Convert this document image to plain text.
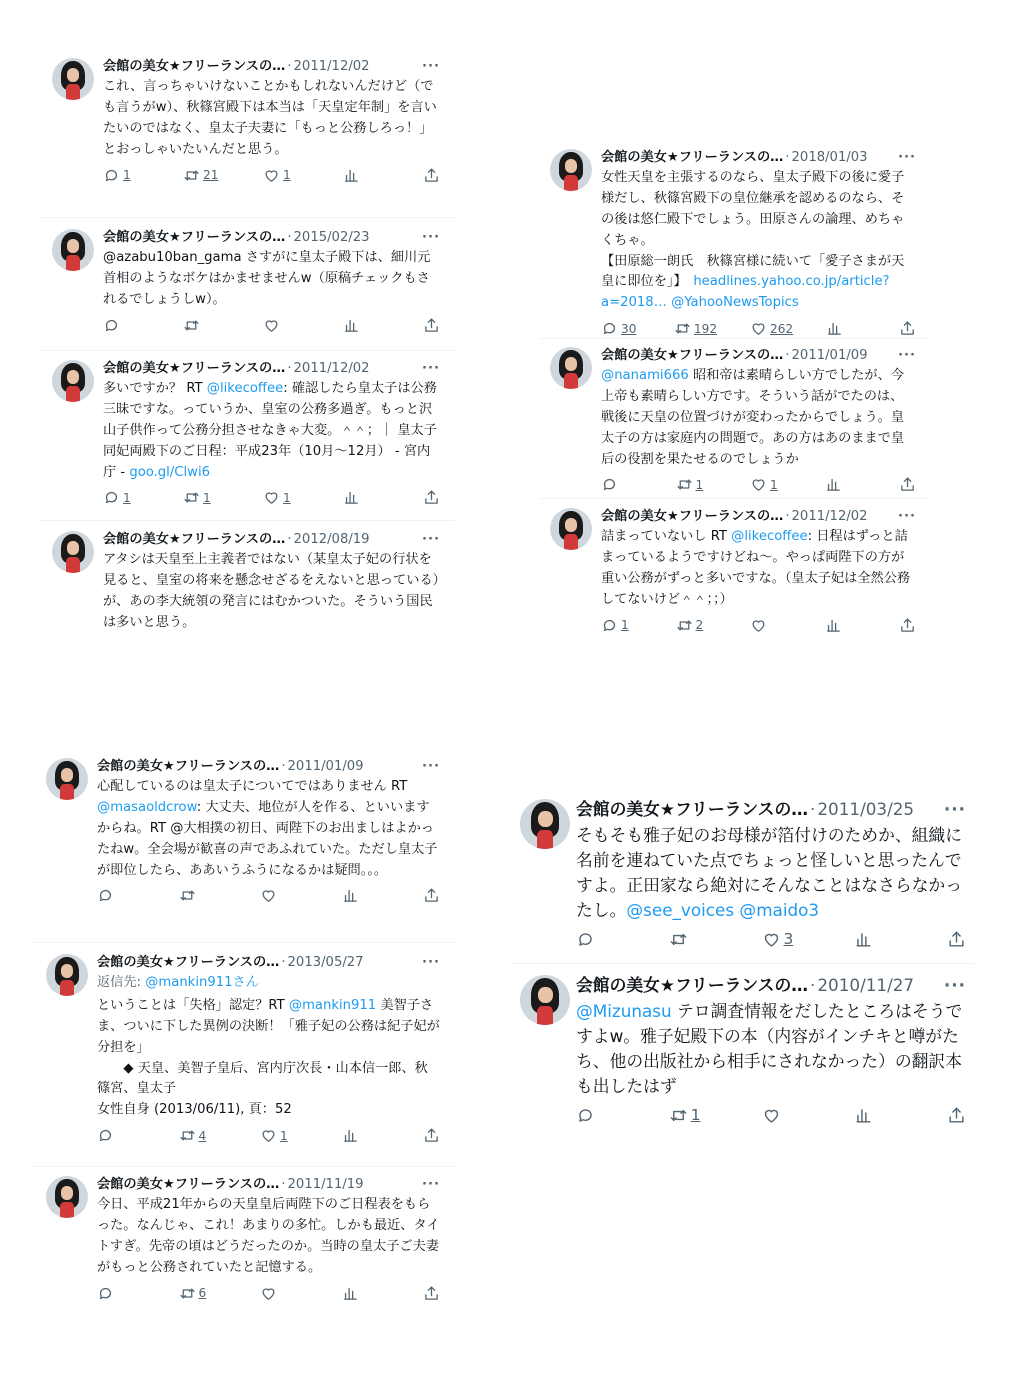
会館の美女★フリーランスの… · 2011/12/02	···
これ、言っちゃいけないことかもしれないんだけど（でも言うがw）、秋篠宮殿下は本当は「天皇定年制」を言いたいのではなく、皇太子夫妻に「もっと公務しろっ！」とおっしゃいたいんだと思う。
1	21	1
会館の美女★フリーランスの… · 2015/02/23	···
@azabu10ban_gama さすがに皇太子殿下は、細川元首相のようなボケはかませませんw（原稿チェックもされるでしょうしw）。
会館の美女★フリーランスの… · 2011/12/02	···
多いですか？ RT @likecoffee: 確認したら皇太子は公務三昧ですな。っていうか、皇室の公務多過ぎ。もっと沢山子供作って公務分担させなきゃ大変。＾＾；｜ 皇太子同妃両殿下のご日程：平成23年（10月〜12月） - 宮内庁 - goo.gl/Clwi6
1	1	1
会館の美女★フリーランスの… · 2012/08/19	···
アタシは天皇至上主義者ではない（某皇太子妃の行状を見ると、皇室の将来を懸念せざるをえないと思っている）が、あの李大統領の発言にはむかついた。そういう国民は多いと思う。
会館の美女★フリーランスの… · 2018/01/03 ···
女性天皇を主張するのなら、皇太子殿下の後に愛子様だし、秋篠宮殿下の皇位継承を認めるのなら、その後は悠仁殿下でしょう。田原さんの論理、めちゃくちゃ。
【田原総一朗氏　秋篠宮様に続いて「愛子さまが天皇に即位を」】　headlines.yahoo.co.jp/article?a=2018… @YahooNewsTopics
30	192	262
会館の美女★フリーランスの… · 2011/01/09 ···
@nanami666 昭和帝は素晴らしい方でしたが、今上帝も素晴らしい方です。そういう話がでたのは、戦後に天皇の位置づけが変わったからでしょう。皇太子の方は家庭内の問題で。あの方はあのままで皇后の役割を果たせるのでしょうか
1	1
会館の美女★フリーランスの… · 2011/12/02 ···
詰まっていないし RT @likecoffee: 日程はずっと詰まっているようですけどね〜。やっぱ両陛下の方が重い公務がずっと多いですな。（皇太子妃は全然公務してないけど＾＾；；）
1	2
会館の美女★フリーランスの… · 2011/01/09	···
心配しているのは皇太子についてではありません RT @masaoldcrow: 大丈夫、地位が人を作る、といいますからね。RT @大相撲の初日、両陛下のお出ましはよかったねw。全会場が歓喜の声であふれていた。ただし皇太子が即位したら、ああいうふうになるかは疑問。。。
会館の美女★フリーランスの… · 2013/05/27	···
返信先: @mankin911さん
ということは「失格」認定？RT @mankin911 美智子さま、ついに下した異例の決断！「雅子妃の公務は紀子妃が分担を」
　　◆ 天皇、美智子皇后、宮内庁次長・山本信一郎、秋篠宮、皇太子
女性自身 (2013/06/11), 頁：52
4	1
会館の美女★フリーランスの… · 2011/11/19	···
今日、平成21年からの天皇皇后両陛下のご日程表をもらった。なんじゃ、これ！あまりの多忙。しかも最近、タイトすぎ。先帝の頃はどうだったのか。当時の皇太子ご夫妻がもっと公務されていたと記憶する。
6
会館の美女★フリーランスの… · 2011/03/25 ···
そもそも雅子妃のお母様が箔付けのためか、組織に名前を連ねていた点でちょっと怪しいと思ったんですよ。正田家なら絶対にそんなことはなさらなかったし。@see_voices @maido3
3
会館の美女★フリーランスの… · 2010/11/27 ···
@Mizunasu テロ調査情報をだしたところはそうですよw。雅子妃殿下の本（内容がインチキと噂がたち、他の出版社から相手にされなかった）の翻訳本も出したはず
1
